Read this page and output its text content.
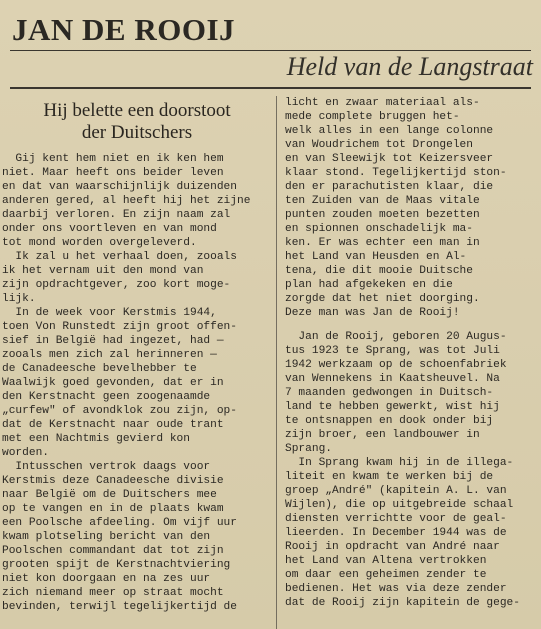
JAN DE ROOIJ
Held van de Langstraat
Hij belette een doorstoot
der Duitschers
Gij kent hem niet en ik ken hem
niet. Maar heeft ons beider leven
en dat van waarschijnlijk duizenden
anderen gered, al heeft hij het zijne
daarbij verloren. En zijn naam zal
onder ons voortleven en van mond
tot mond worden overgeleverd.
Ik zal u het verhaal doen, zooals
ik het vernam uit den mond van
zijn opdrachtgever, zoo kort moge-
lijk.
In de week voor Kerstmis 1944,
toen Von Runstedt zijn groot offen-
sief in België had ingezet, had —
zooals men zich zal herinneren —
de Canadeesche bevelhebber te
Waalwijk goed gevonden, dat er in
den Kerstnacht geen zoogenaamde
„curfew" of avondklok zou zijn, op-
dat de Kerstnacht naar oude trant
met een Nachtmis gevierd kon
worden.
Intusschen vertrok daags voor
Kerstmis deze Canadeesche divisie
naar België om de Duitschers mee
op te vangen en in de plaats kwam
een Poolsche afdeeling. Om vijf uur
kwam plotseling bericht van den
Poolschen commandant dat tot zijn
grooten spijt de Kerstnachtviering
niet kon doorgaan en na zes uur
zich niemand meer op straat mocht
bevinden, terwijl tegelijkertijd de
licht en zwaar materiaal als-
mede complete bruggen het-
welk alles in een lange colonne
van Woudrichem tot Drongelen
en van Sleewijk tot Keizersveer
klaar stond. Tegelijkertijd ston-
den er parachutisten klaar, die
ten Zuiden van de Maas vitale
punten zouden moeten bezetten
en spionnen onschadelijk ma-
ken. Er was echter een man in
het Land van Heusden en Al-
tena, die dit mooie Duitsche
plan had afgekeken en die
zorgde dat het niet doorging.
Deze man was Jan de Rooij!
Jan de Rooij, geboren 20 Augus-
tus 1923 te Sprang, was tot Juli
1942 werkzaam op de schoenfabriek
van Wennekens in Kaatsheuvel. Na
7 maanden gedwongen in Duitsch-
land te hebben gewerkt, wist hij
te ontsnappen en dook onder bij
zijn broer, een landbouwer in
Sprang.
In Sprang kwam hij in de illega-
liteit en kwam te werken bij de
groep „André" (kapitein A. L. van
Wijlen), die op uitgebreide schaal
diensten verrichtte voor de geal-
lieerden. In December 1944 was de
Rooij in opdracht van André naar
het Land van Altena vertrokken
om daar een geheimen zender te
bedienen. Het was via deze zender
dat de Rooij zijn kapitein de gege-
